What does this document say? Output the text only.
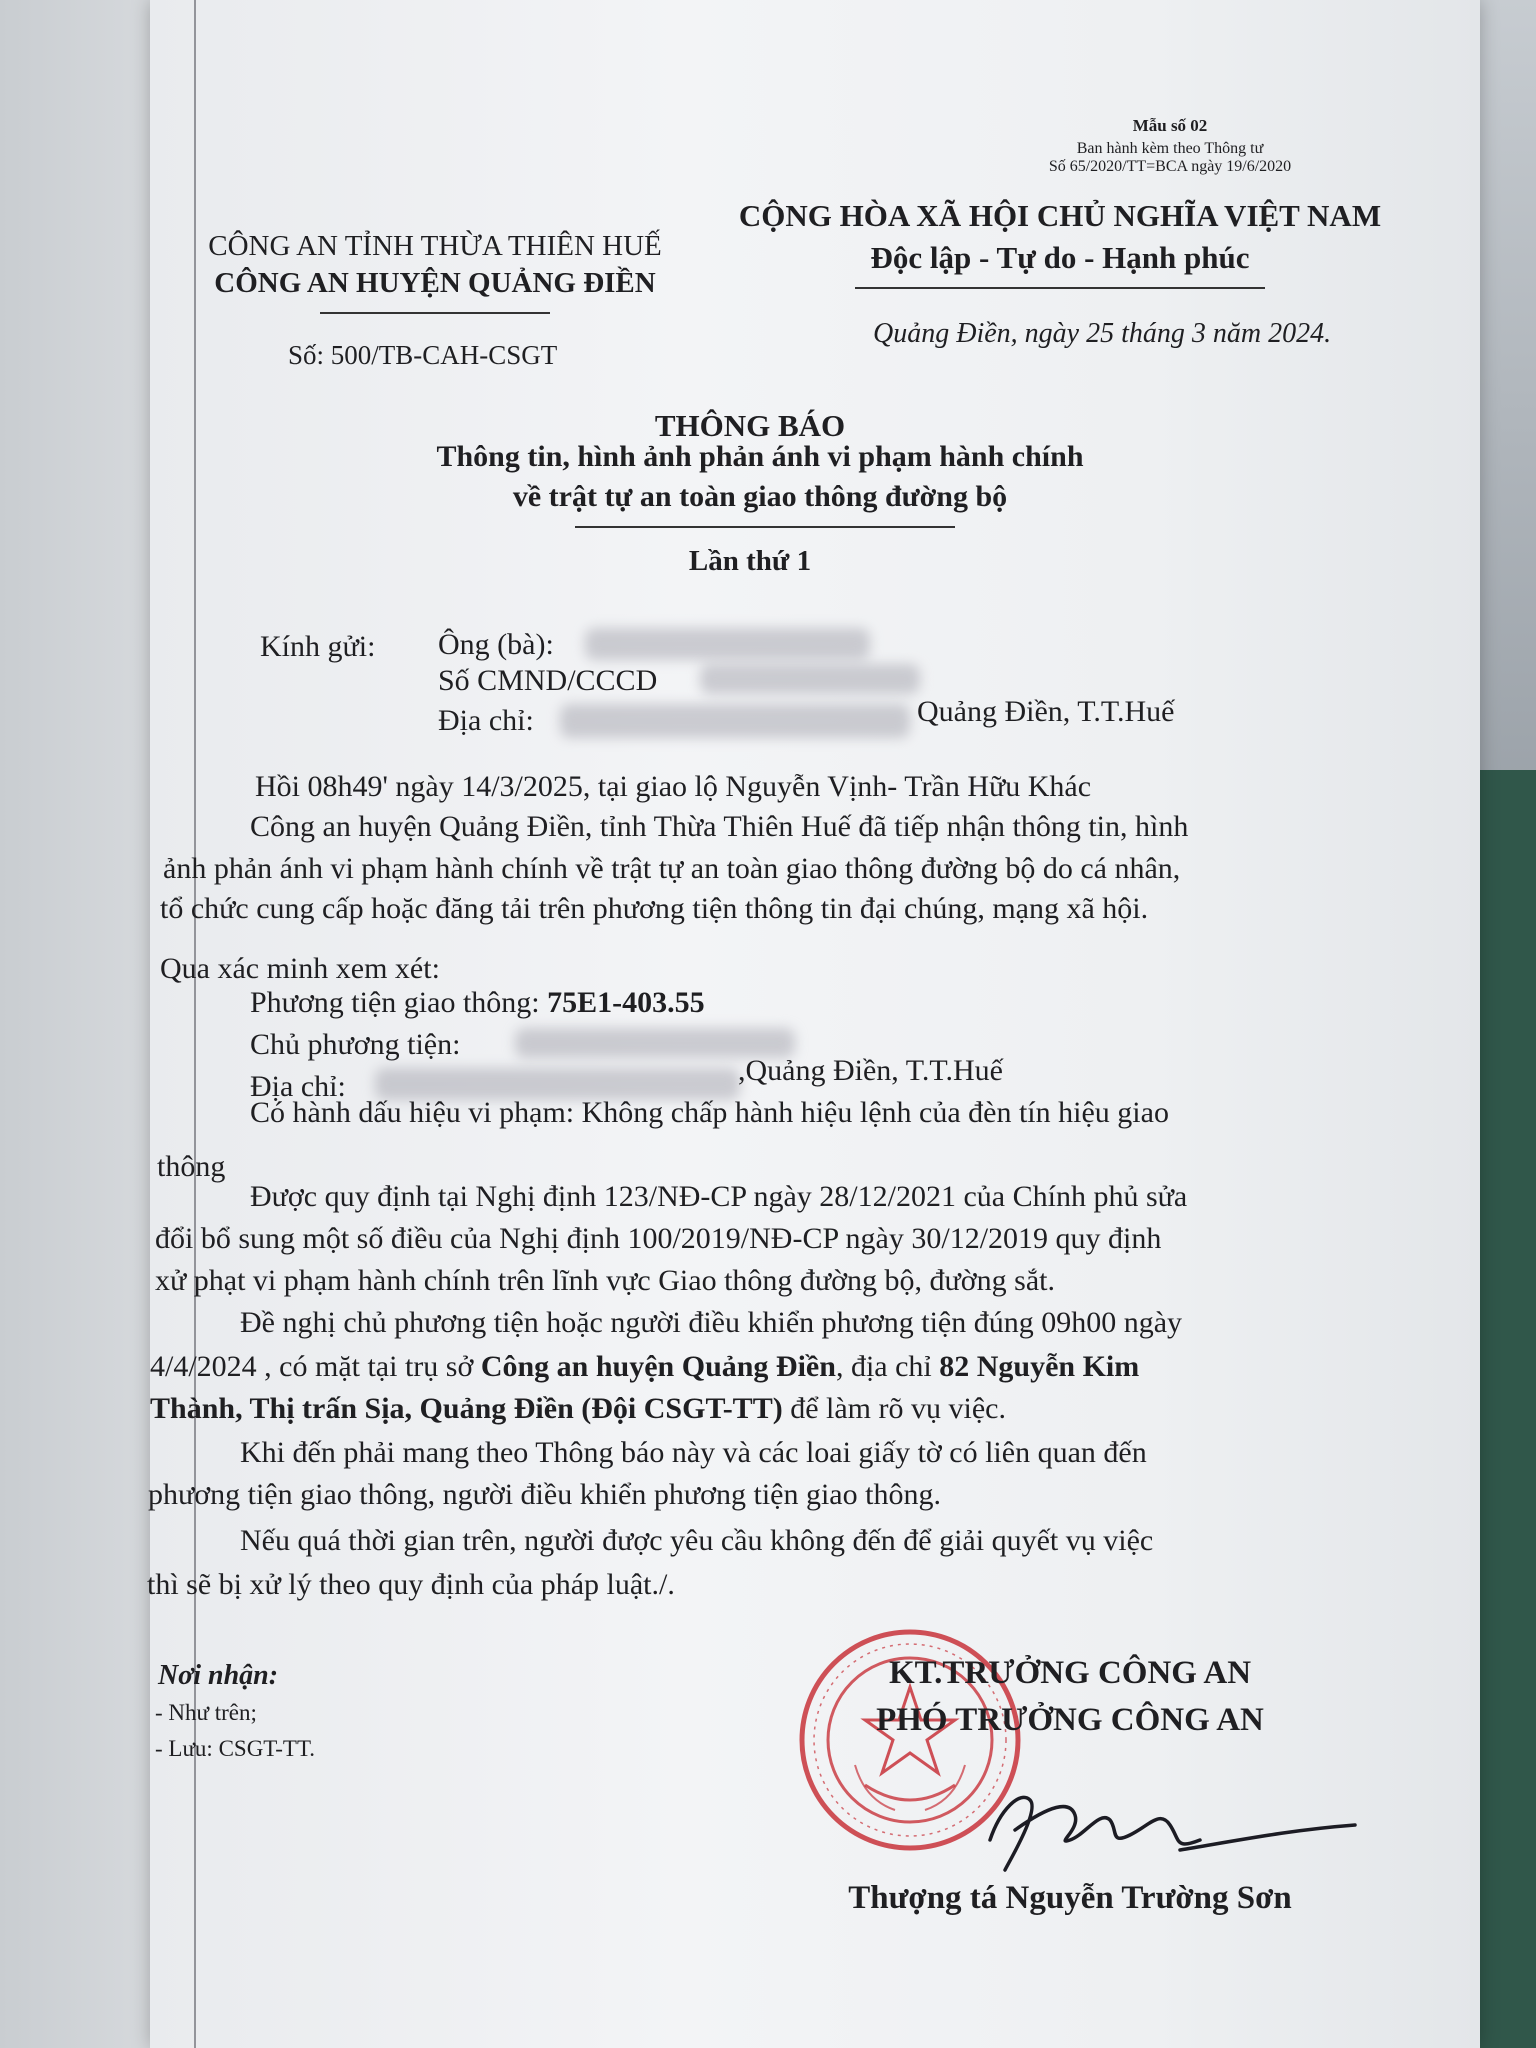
Mẫu số 02
Ban hành kèm theo Thông tư
Số 65/2020/TT=BCA ngày 19/6/2020
CÔNG AN TỈNH THỪA THIÊN HUẾ
CÔNG AN HUYỆN QUẢNG ĐIỀN
CỘNG HÒA XÃ HỘI CHỦ NGHĨA VIỆT NAM
Độc lập - Tự do - Hạnh phúc
Số: 500/TB-CAH-CSGT
Quảng Điền, ngày 25 tháng 3 năm 2024.
THÔNG BÁO
Thông tin, hình ảnh phản ánh vi phạm hành chính
về trật tự an toàn giao thông đường bộ
Lần thứ 1
Kính gửi: Ông (bà):
Số CMND/CCCD
Địa chỉ:	Quảng Điền, T.T.Huế
Hồi 08h49' ngày 14/3/2025, tại giao lộ Nguyễn Vịnh- Trần Hữu Khác
Công an huyện Quảng Điền, tỉnh Thừa Thiên Huế đã tiếp nhận thông tin, hình
ảnh phản ánh vi phạm hành chính về trật tự an toàn giao thông đường bộ do cá nhân,
tổ chức cung cấp hoặc đăng tải trên phương tiện thông tin đại chúng, mạng xã hội.
Qua xác minh xem xét:
Phương tiện giao thông: 75E1-403.55
Chủ phương tiện:
Địa chỉ:	,Quảng Điền, T.T.Huế
Có hành dấu hiệu vi phạm: Không chấp hành hiệu lệnh của đèn tín hiệu giao
thông
Được quy định tại Nghị định 123/NĐ-CP ngày 28/12/2021 của Chính phủ sửa
đổi bổ sung một số điều của Nghị định 100/2019/NĐ-CP ngày 30/12/2019 quy định
xử phạt vi phạm hành chính trên lĩnh vực Giao thông đường bộ, đường sắt.
Đề nghị chủ phương tiện hoặc người điều khiển phương tiện đúng 09h00 ngày
4/4/2024 , có mặt tại trụ sở Công an huyện Quảng Điền, địa chỉ 82 Nguyễn Kim
Thành, Thị trấn Sịa, Quảng Điền (Đội CSGT-TT) để làm rõ vụ việc.
Khi đến phải mang theo Thông báo này và các loai giấy tờ có liên quan đến
phương tiện giao thông, người điều khiển phương tiện giao thông.
Nếu quá thời gian trên, người được yêu cầu không đến để giải quyết vụ việc
thì sẽ bị xử lý theo quy định của pháp luật./.
Nơi nhận:
- Như trên;
- Lưu: CSGT-TT.
KT.TRƯỞNG CÔNG AN
PHÓ TRƯỞNG CÔNG AN
Thượng tá Nguyễn Trường Sơn
